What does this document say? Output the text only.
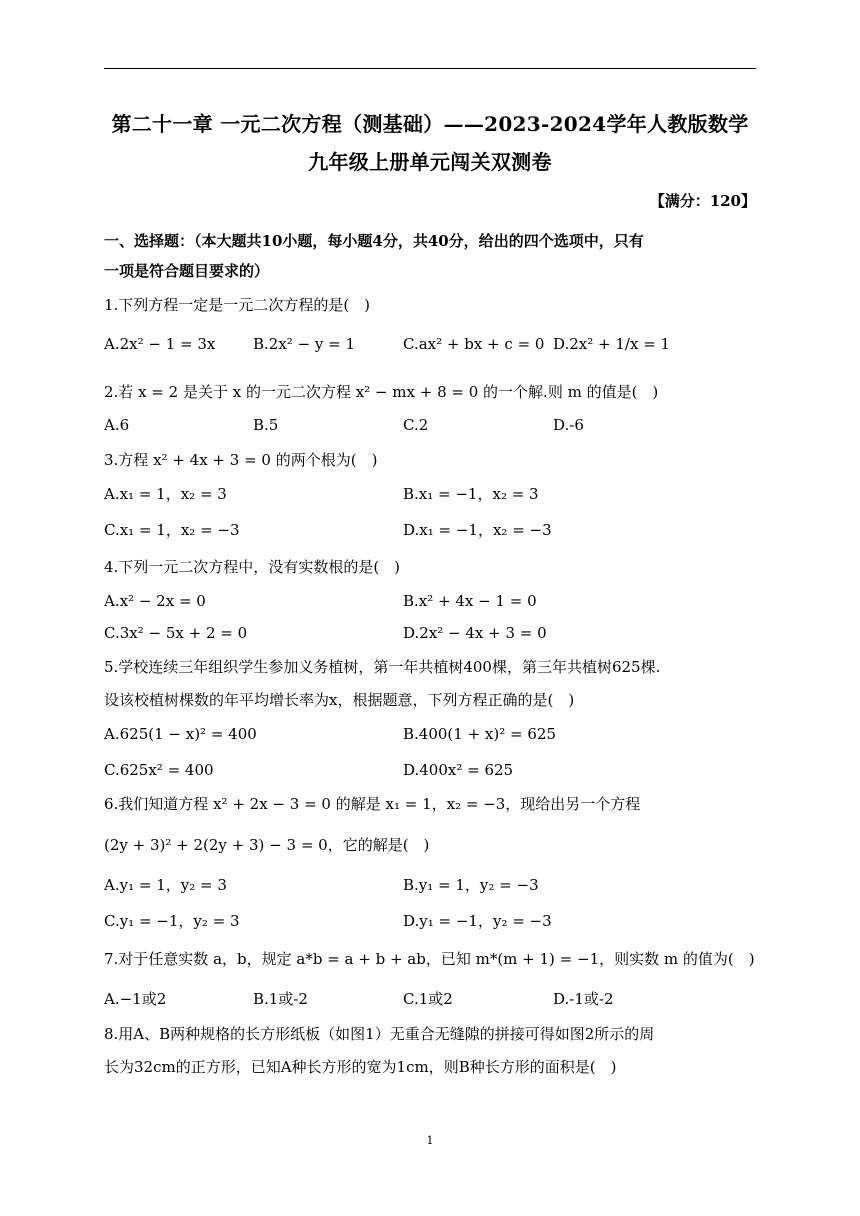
第二十一章 一元二次方程（测基础）——2023-2024学年人教版数学
九年级上册单元闯关双测卷
【满分：120】
一、选择题：（本大题共10小题，每小题4分，共40分，给出的四个选项中，只有
一项是符合题目要求的）
1.下列方程一定是一元二次方程的是(　)
A.2x² − 1 = 3x	B.2x² − y = 1	C.ax² + bx + c = 0 D.2x² + 1/x = 1
2.若 x = 2 是关于 x 的一元二次方程 x² − mx + 8 = 0 的一个解.则 m 的值是(　)
A.6	B.5	C.2	D.-6
3.方程 x² + 4x + 3 = 0 的两个根为(　)
A.x₁ = 1，x₂ = 3	B.x₁ = −1，x₂ = 3
C.x₁ = 1，x₂ = −3	D.x₁ = −1，x₂ = −3
4.下列一元二次方程中，没有实数根的是(　)
A.x² − 2x = 0	B.x² + 4x − 1 = 0
C.3x² − 5x + 2 = 0	D.2x² − 4x + 3 = 0
5.学校连续三年组织学生参加义务植树，第一年共植树400棵，第三年共植树625棵.
设该校植树棵数的年平均增长率为x，根据题意，下列方程正确的是(　)
A.625(1 − x)² = 400	B.400(1 + x)² = 625
C.625x² = 400	D.400x² = 625
6.我们知道方程 x² + 2x − 3 = 0 的解是 x₁ = 1，x₂ = −3，现给出另一个方程
(2y + 3)² + 2(2y + 3) − 3 = 0，它的解是(　)
A.y₁ = 1，y₂ = 3	B.y₁ = 1，y₂ = −3
C.y₁ = −1，y₂ = 3	D.y₁ = −1，y₂ = −3
7.对于任意实数 a，b，规定 a*b = a + b + ab，已知 m*(m + 1) = −1，则实数 m 的值为(　)
A.−1或2	B.1或-2	C.1或2	D.-1或-2
8.用A、B两种规格的长方形纸板（如图1）无重合无缝隙的拼接可得如图2所示的周
长为32cm的正方形，已知A种长方形的宽为1cm，则B种长方形的面积是(　)
1
